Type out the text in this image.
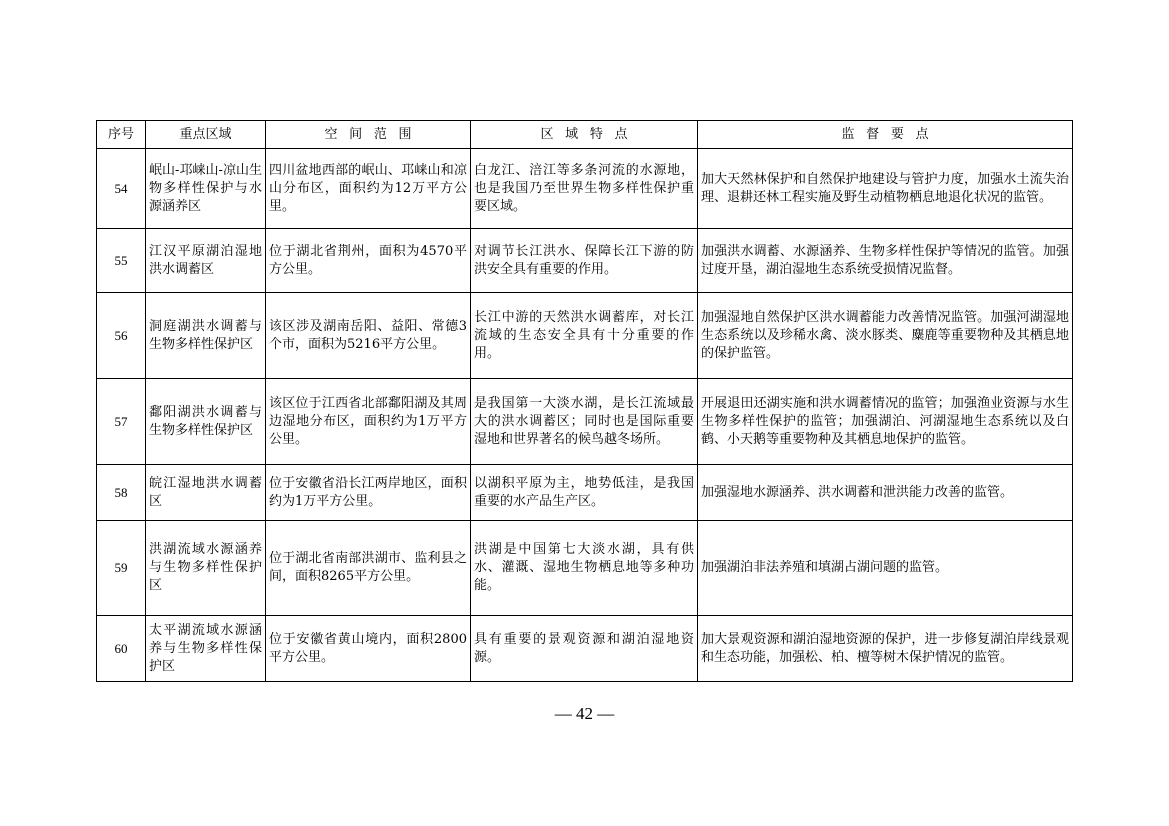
序号	重点区域	空间范围	区域特点	监督要点
54	岷山-邛崃山-凉山生物多样性保护与水源涵养区	四川盆地西部的岷山、邛崃山和凉山分布区，面积约为12万平方公里。	白龙江、涪江等多条河流的水源地，也是我国乃至世界生物多样性保护重要区域。	加大天然林保护和自然保护地建设与管护力度，加强水土流失治理、退耕还林工程实施及野生动植物栖息地退化状况的监管。
55	江汉平原湖泊湿地洪水调蓄区	位于湖北省荆州，面积为4570平方公里。	对调节长江洪水、保障长江下游的防洪安全具有重要的作用。	加强洪水调蓄、水源涵养、生物多样性保护等情况的监管。加强过度开垦，湖泊湿地生态系统受损情况监督。
56	洞庭湖洪水调蓄与生物多样性保护区	该区涉及湖南岳阳、益阳、常德3个市，面积为5216平方公里。	长江中游的天然洪水调蓄库，对长江流域的生态安全具有十分重要的作用。	加强湿地自然保护区洪水调蓄能力改善情况监管。加强河湖湿地生态系统以及珍稀水禽、淡水豚类、麋鹿等重要物种及其栖息地的保护监管。
57	鄱阳湖洪水调蓄与生物多样性保护区	该区位于江西省北部鄱阳湖及其周边湿地分布区，面积约为1万平方公里。	是我国第一大淡水湖，是长江流域最大的洪水调蓄区；同时也是国际重要湿地和世界著名的候鸟越冬场所。	开展退田还湖实施和洪水调蓄情况的监管；加强渔业资源与水生生物多样性保护的监管；加强湖泊、河湖湿地生态系统以及白鹤、小天鹅等重要物种及其栖息地保护的监管。
58	皖江湿地洪水调蓄区	位于安徽省沿长江两岸地区，面积约为1万平方公里。	以湖积平原为主，地势低洼，是我国重要的水产品生产区。	加强湿地水源涵养、洪水调蓄和泄洪能力改善的监管。
59	洪湖流域水源涵养与生物多样性保护区	位于湖北省南部洪湖市、监利县之间，面积8265平方公里。	洪湖是中国第七大淡水湖，具有供水、灌溉、湿地生物栖息地等多种功能。	加强湖泊非法养殖和填湖占湖问题的监管。
60	太平湖流域水源涵养与生物多样性保护区	位于安徽省黄山境内，面积2800平方公里。	具有重要的景观资源和湖泊湿地资源。	加大景观资源和湖泊湿地资源的保护，进一步修复湖泊岸线景观和生态功能，加强松、柏、檀等树木保护情况的监管。
— 42 —
